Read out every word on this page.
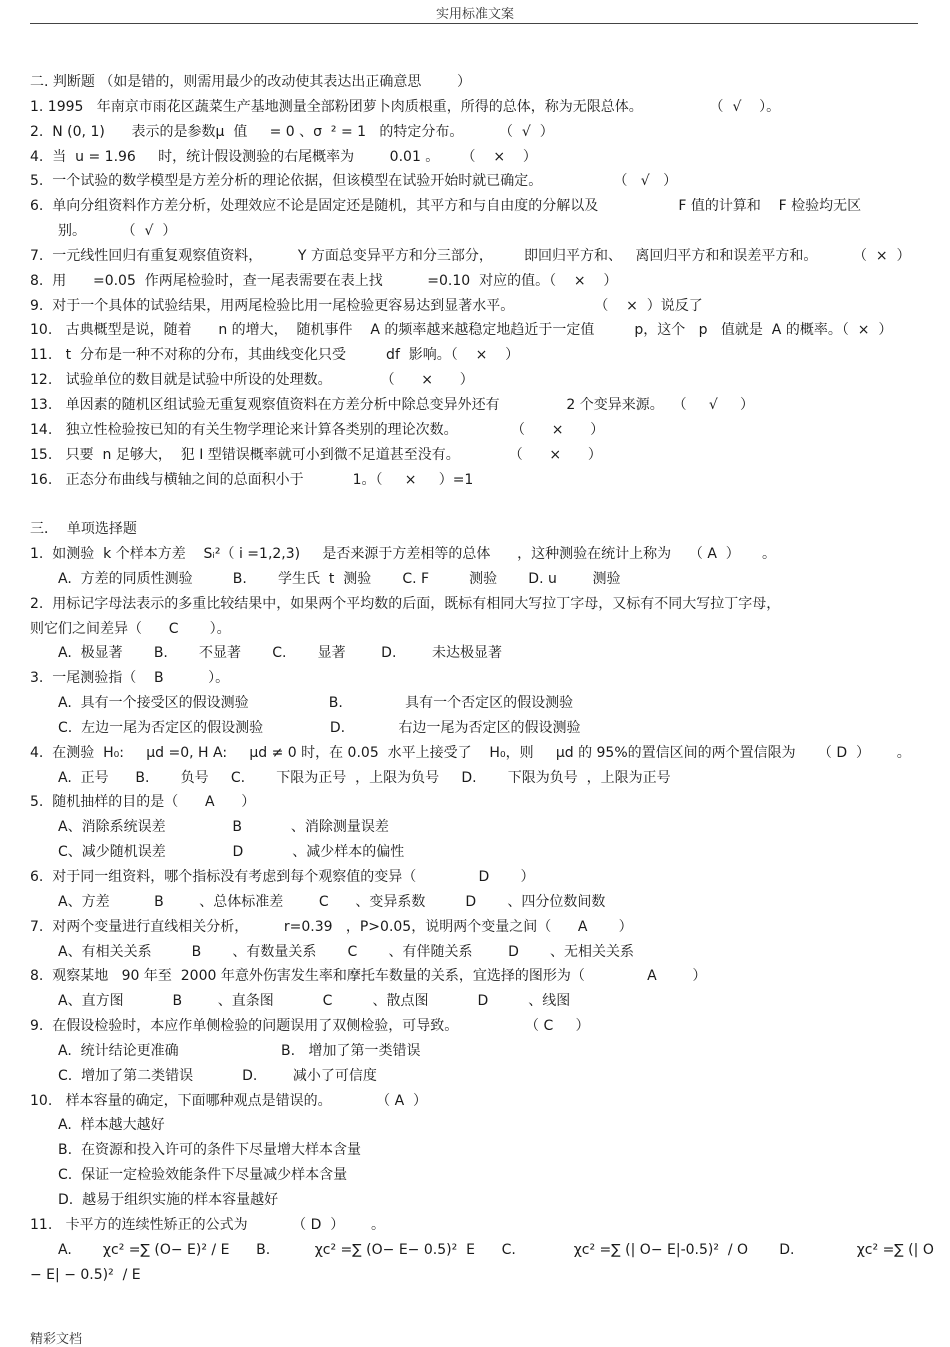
实用标准文案
二. 判断题 （如是错的，则需用最少的改动使其表达出正确意思        ）
1. 1995   年南京市雨花区蔬菜生产基地测量全部粉团萝卜肉质根重，所得的总体，称为无限总体。               （  √    ）。
2.  N (0, 1)      表示的是参数μ  值     = 0 、σ  ² = 1   的特定分布。        （  √  ）
4.  当  u = 1.96     时，统计假设测验的右尾概率为        0.01 。     （    ×    ）
5.  一个试验的数学模型是方差分析的理论依据，但该模型在试验开始时就已确定。                （   √   ）
6.  单向分组资料作方差分析，处理效应不论是固定还是随机，其平方和与自由度的分解以及                  F 值的计算和    F 检验均无区
别。        （  √  ）
7.  一元线性回归有重复观察值资料，        Y 方面总变异平方和分三部分，       即回归平方和、   离回归平方和和误差平方和。        （  ×  ）
8.  用      =0.05  作两尾检验时，查一尾表需要在表上找          =0.10  对应的值。（    ×    ）
9.  对于一个具体的试验结果，用两尾检验比用一尾检验更容易达到显著水平。                  （    ×  ）说反了
10.   古典概型是说，随着      n 的增大，  随机事件    A 的频率越来越稳定地趋近于一定值         p，这个   p   值就是  A 的概率。（  ×  ）
11.   t  分布是一种不对称的分布，其曲线变化只受         df  影响。（    ×    ）
12.   试验单位的数目就是试验中所设的处理数。           （      ×      ）
13.   单因素的随机区组试验无重复观察值资料在方差分析中除总变异外还有               2 个变异来源。  （     √     ）
14.   独立性检验按已知的有关生物学理论来计算各类别的理论次数。            （      ×      ）
15.   只要  n 足够大，  犯 I 型错误概率就可小到微不足道甚至没有。           （      ×      ）
16.   正态分布曲线与横轴之间的总面积小于           1。（     ×     ）=1
三．  单项选择题
1.  如测验  k 个样本方差    Sᵢ²（ i =1,2,3)     是否来源于方差相等的总体      ，这种测验在统计上称为    （ A  ）     。
A.  方差的同质性测验         B.       学生氏  t  测验       C. F         测验       D. u        测验
2.  用标记字母法表示的多重比较结果中，如果两个平均数的后面，既标有相同大写拉丁字母，又标有不同大写拉丁字母，
则它们之间差异（      C       ）。
A.  极显著       B.       不显著       C.       显著        D.        未达极显著
3.  一尾测验指（    B          ）。
A.  具有一个接受区的假设测验                  B.              具有一个否定区的假设测验
C.  左边一尾为否定区的假设测验               D.            右边一尾为否定区的假设测验
4.  在测验  H₀:     μd =0, H A:     μd ≠ 0 时，在 0.05  水平上接受了    H₀，则     μd 的 95%的置信区间的两个置信限为     （ D  ）      。
A.  正号      B.       负号     C.       下限为正号  ，上限为负号     D.       下限为负号  ，上限为正号
5.  随机抽样的目的是（      A      ）
A、消除系统误差               B           、消除测量误差
C、减少随机误差               D           、减少样本的偏性
6.  对于同一组资料，哪个指标没有考虑到每个观察值的变异（              D       ）
A、方差          B        、总体标准差        C      、变异系数         D       、四分位数间数
7.  对两个变量进行直线相关分析，        r=0.39   ，P>0.05，说明两个变量之间（      A       ）
A、有相关关系         B       、有数量关系       C       、有伴随关系        D       、无相关关系
8.  观察某地   90 年至  2000 年意外伤害发生率和摩托车数量的关系，宜选择的图形为（              A        ）
A、直方图           B        、直条图           C         、散点图           D         、线图
9.  在假设检验时，本应作单侧检验的问题误用了双侧检验，可导致。               （ C     ）
A.  统计结论更准确                       B.   增加了第一类错误
C.  增加了第二类错误           D.        减小了可信度
10.   样本容量的确定，下面哪种观点是错误的。          （ A  ）
A.  样本越大越好
B.  在资源和投入许可的条件下尽量增大样本含量
C.  保证一定检验效能条件下尽量减少样本含量
D.  越易于组织实施的样本容量越好
11.   卡平方的连续性矫正的公式为          （ D  ）      。
A.       χc² =∑ (O− E)² / E      B.          χc² =∑ (O− E− 0.5)²  E      C.             χc² =∑ (| O− E|-0.5)²  / O       D.              χc² =∑ (| O
− E| − 0.5)²  / E
精彩文档
